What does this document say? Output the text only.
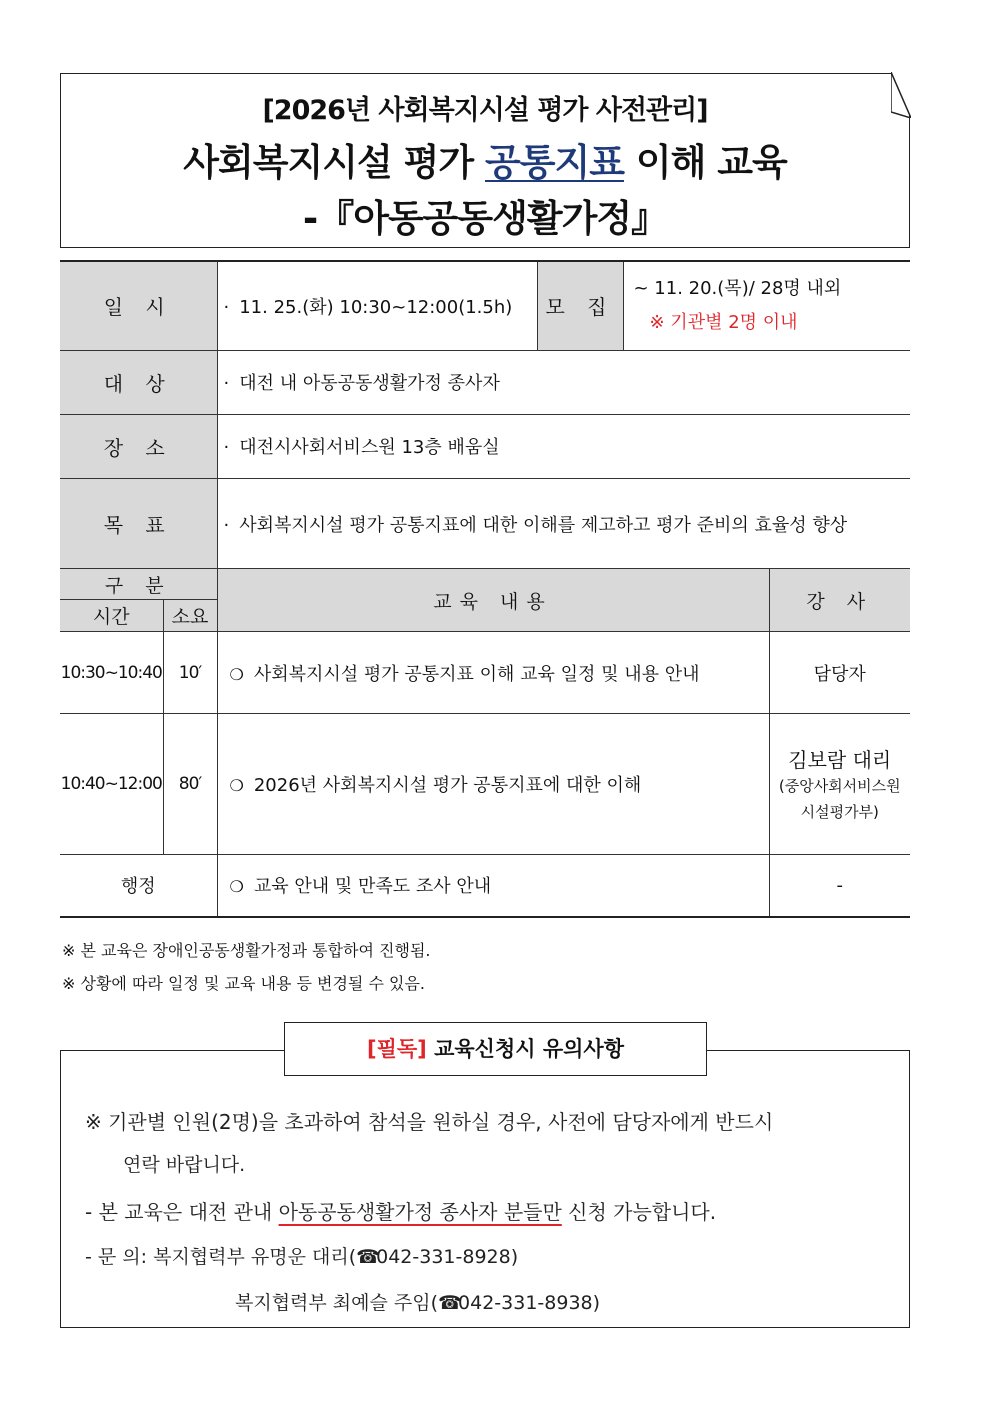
[2026년 사회복지시설 평가 사전관리]
사회복지시설 평가 공통지표 이해 교육
-『아동공동생활가정』
일 시	· 11. 25.(화) 10:30~12:00(1.5h)	모 집	~ 11. 20.(목)/ 28명 내외
※ 기관별 2명 이내

대 상	· 대전 내 아동공동생활가정 종사자		
장 소	· 대전시사회서비스원 13층 배움실		
목 표	· 사회복지시설 평가 공통지표에 대한 이해를 제고하고 평가 준비의 효율성 향상		
구 분		교육 내용	강 사
시간	소요		
10:30~10:40	10′	❍ 사회복지시설 평가 공통지표 이해 교육 일정 및 내용 안내	담당자
10:40~12:00	80′	❍ 2026년 사회복지시설 평가 공통지표에 대한 이해	김보람 대리
(중앙사회서비스원
시설평가부)

행정		❍ 교육 안내 및 만족도 조사 안내	-
※ 본 교육은 장애인공동생활가정과 통합하여 진행됨.
※ 상황에 따라 일정 및 교육 내용 등 변경될 수 있음.
[필독] 교육신청시 유의사항
※ 기관별 인원(2명)을 초과하여 참석을 원하실 경우, 사전에 담당자에게 반드시
연락 바랍니다.
- 본 교육은 대전 관내 아동공동생활가정 종사자 분들만 신청 가능합니다.
- 문 의: 복지협력부 유명운 대리(☎042-331-8928)
복지협력부 최예슬 주임(☎042-331-8938)
